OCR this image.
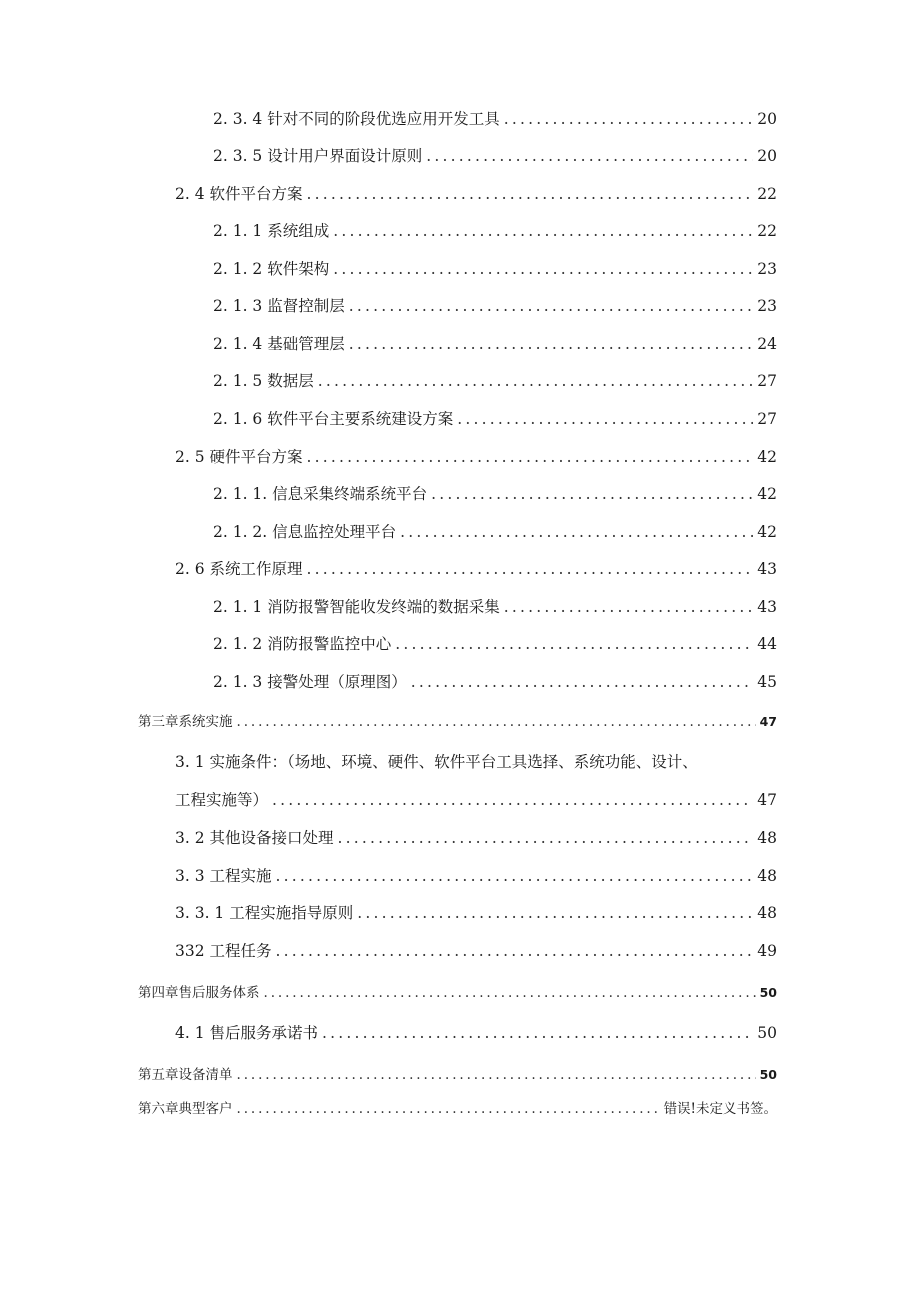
2. 3. 4 针对不同的阶段优选应用开发工具 .....	20
2. 3. 5 设计用户界面设计原则 .....	20
2. 4 软件平台方案 .....	22
2. 1. 1 系统组成 .....	22
2. 1. 2 软件架构 .....	23
2. 1. 3 监督控制层 .....	23
2. 1. 4 基础管理层 .....	24
2. 1. 5 数据层 .....	27
2. 1. 6 软件平台主要系统建设方案 .....	27
2. 5 硬件平台方案 .....	42
2. 1. 1. 信息采集终端系统平台 .....	42
2. 1. 2. 信息监控处理平台 .....	42
2. 6 系统工作原理 .....	43
2. 1. 1 消防报警智能收发终端的数据采集 .....	43
2. 1. 2 消防报警监控中心 .....	44
2. 1. 3 接警处理（原理图） .....	45
第三章系统实施 .....	47
3. 1 实施条件：（场地、环境、硬件、软件平台工具选择、系统功能、设计、
工程实施等） .....	47
3. 2 其他设备接口处理 .....	48
3. 3 工程实施 .....	48
3. 3. 1 工程实施指导原则 .....	48
332 工程任务 .....	49
第四章售后服务体系 .....	50
4. 1 售后服务承诺书 .....	50
第五章设备清单 .....	50
第六章典型客户 .....	错误!未定义书签。
